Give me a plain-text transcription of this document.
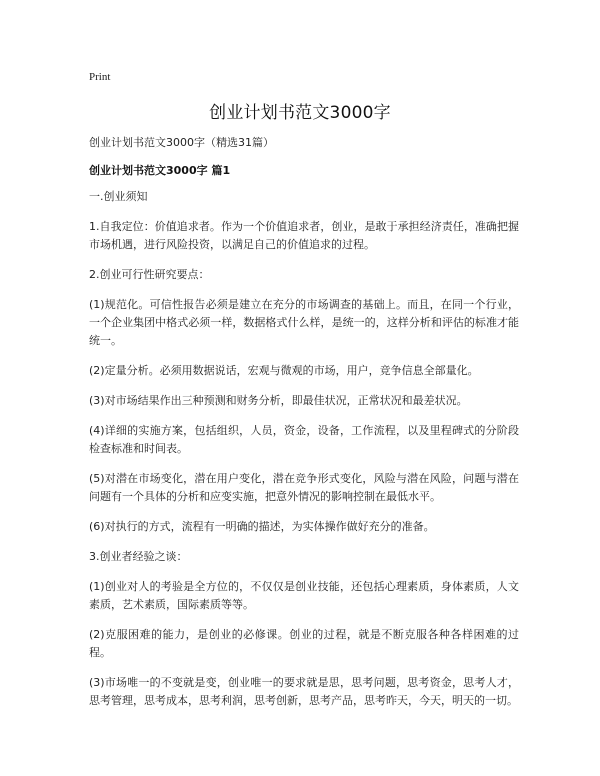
Print
创业计划书范文3000字
创业计划书范文3000字（精选31篇）
创业计划书范文3000字 篇1

一.创业须知

1.自我定位：价值追求者。作为一个价值追求者，创业，是敢于承担经济责任，准确把握市场机遇，进行风险投资，以满足自己的价值追求的过程。

2.创业可行性研究要点：

(1)规范化。可信性报告必须是建立在充分的市场调查的基础上。而且，在同一个行业，一个企业集团中格式必须一样，数据格式什么样，是统一的，这样分析和评估的标准才能统一。

(2)定量分析。必须用数据说话，宏观与微观的市场，用户，竞争信息全部量化。

(3)对市场结果作出三种预测和财务分析，即最佳状况，正常状况和最差状况。

(4)详细的实施方案，包括组织，人员，资金，设备，工作流程，以及里程碑式的分阶段检查标准和时间表。

(5)对潜在市场变化，潜在用户变化，潜在竞争形式变化，风险与潜在风险，问题与潜在问题有一个具体的分析和应变实施，把意外情况的影响控制在最低水平。

(6)对执行的方式，流程有一明确的描述，为实体操作做好充分的准备。

3.创业者经验之谈：

(1)创业对人的考验是全方位的，不仅仅是创业技能，还包括心理素质，身体素质，人文素质，艺术素质，国际素质等等。

(2)克服困难的能力，是创业的必修课。创业的过程，就是不断克服各种各样困难的过程。

(3)市场唯一的不变就是变，创业唯一的要求就是思，思考问题，思考资金，思考人才，思考管理，思考成本，思考利润，思考创新，思考产品，思考昨天，今天，明天的一切。
